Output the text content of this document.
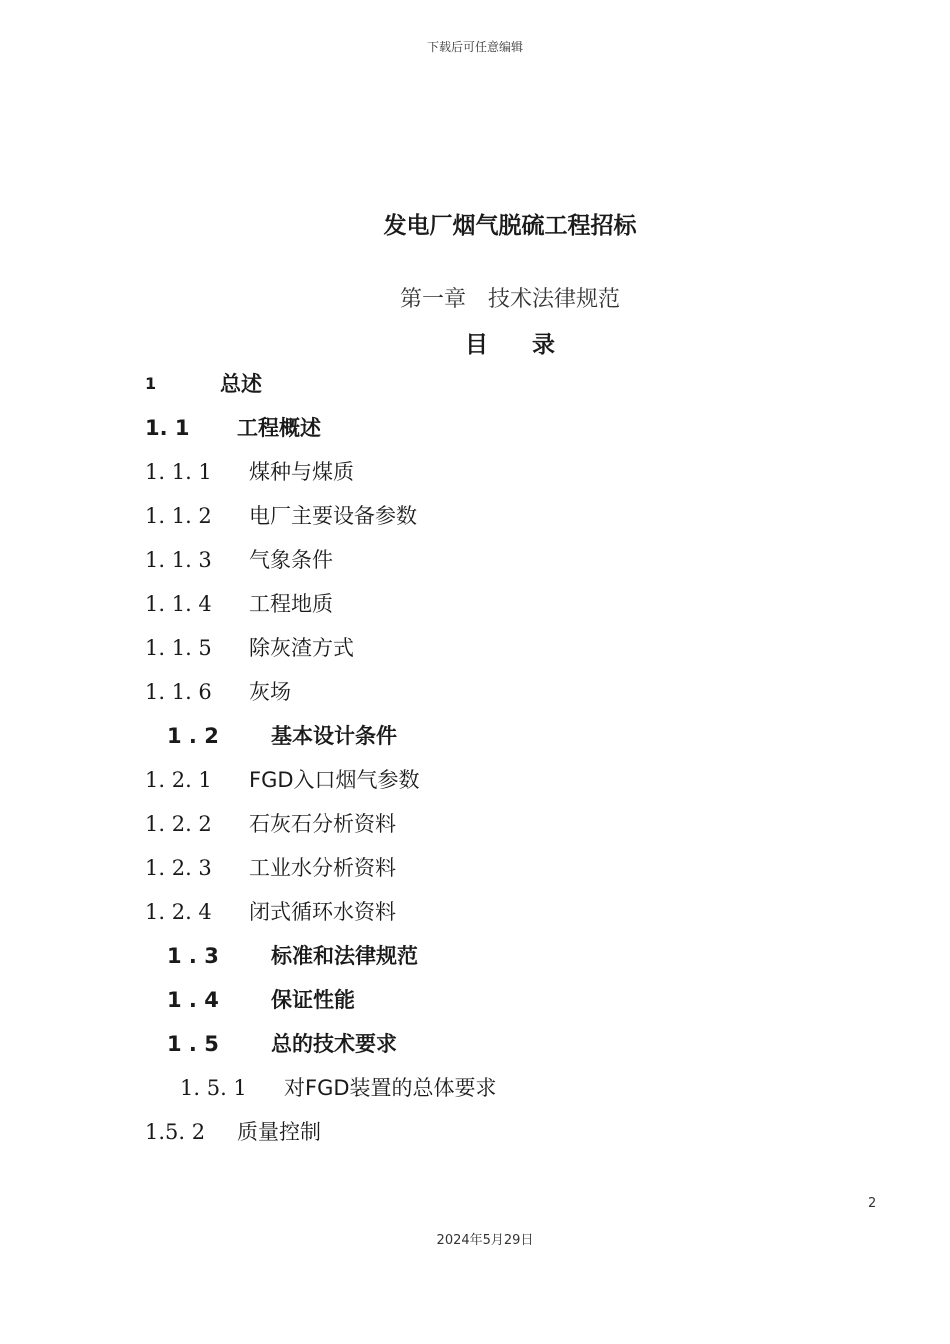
下载后可任意编辑
发电厂烟气脱硫工程招标
第一章　技术法律规范
目 录
1	总述
1. 1 工程概述
1. 1. 1 煤种与煤质
1. 1. 2 电厂主要设备参数
1. 1. 3 气象条件
1. 1. 4 工程地质
1. 1. 5 除灰渣方式
1. 1. 6 灰场
1 . 2 基本设计条件
1. 2. 1 FGD入口烟气参数
1. 2. 2 石灰石分析资料
1. 2. 3 工业水分析资料
1. 2. 4 闭式循环水资料
1 . 3 标准和法律规范
1 . 4 保证性能
1 . 5 总的技术要求
1. 5. 1 对FGD装置的总体要求
1.5. 2 质量控制
2
2024年5月29日
